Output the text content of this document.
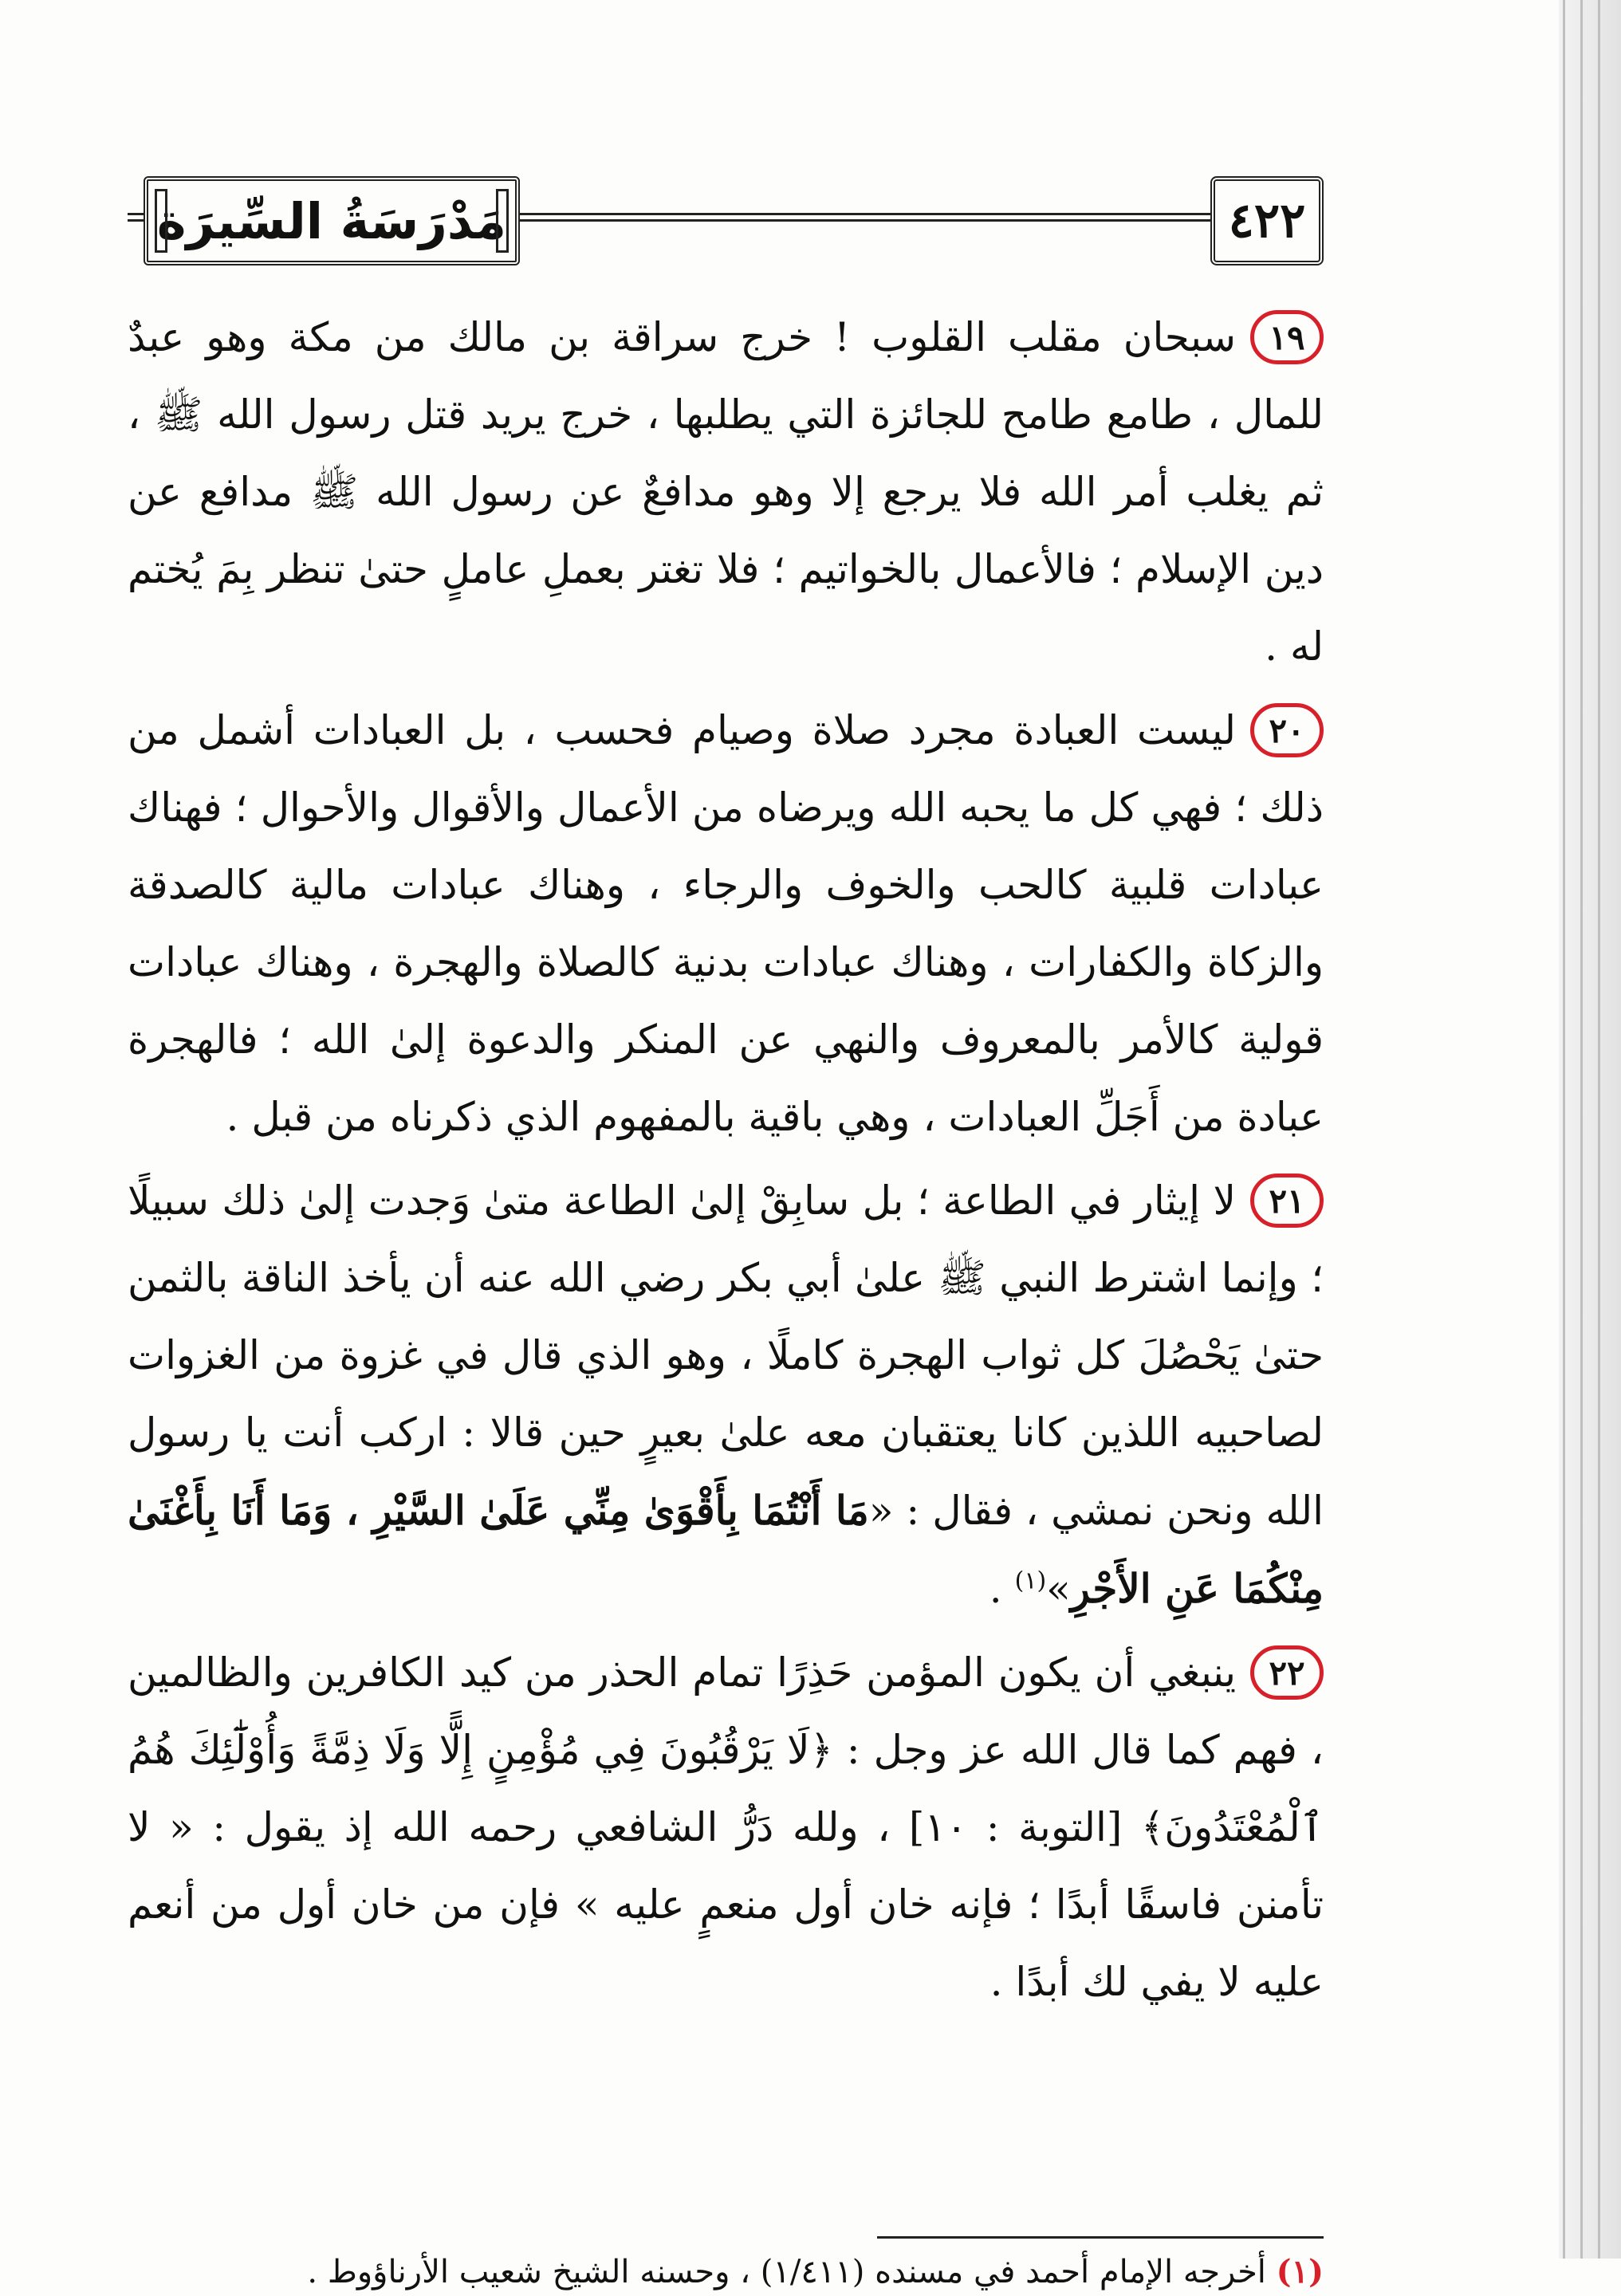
٤٢٢
مَدْرَسَةُ السِّيرَة

١٩سبحان مقلب القلوب ! خرج سراقة بن مالك من مكة وهو عبدٌ للمال ، طامع طامح للجائزة التي يطلبها ، خرج يريد قتل رسول الله ﷺ ، ثم يغلب أمر الله فلا يرجع إلا وهو مدافعٌ عن رسول الله ﷺ مدافع عن دين الإسلام ؛ فالأعمال بالخواتيم ؛ فلا تغتر بعملِ عاملٍ حتىٰ تنظر بِمَ يُختم له .

٢٠ليست العبادة مجرد صلاة وصيام فحسب ، بل العبادات أشمل من ذلك ؛ فهي كل ما يحبه الله ويرضاه من الأعمال والأقوال والأحوال ؛ فهناك عبادات قلبية كالحب والخوف والرجاء ، وهناك عبادات مالية كالصدقة والزكاة والكفارات ، وهناك عبادات بدنية كالصلاة والهجرة ، وهناك عبادات قولية كالأمر بالمعروف والنهي عن المنكر والدعوة إلىٰ الله ؛ فالهجرة عبادة من أَجَلِّ العبادات ، وهي باقية بالمفهوم الذي ذكرناه من قبل .

٢١لا إيثار في الطاعة ؛ بل سابِقْ إلىٰ الطاعة متىٰ وَجدت إلىٰ ذلك سبيلًا ؛ وإنما اشترط النبي ﷺ علىٰ أبي بكر رضي الله عنه أن يأخذ الناقة بالثمن حتىٰ يَحْصُلَ كل ثواب الهجرة كاملًا ، وهو الذي قال في غزوة من الغزوات لصاحبيه اللذين كانا يعتقبان معه علىٰ بعيرٍ حين قالا : اركب أنت يا رسول الله ونحن نمشي ، فقال : «مَا أَنْتُمَا بِأَقْوَىٰ مِنِّي عَلَىٰ السَّيْرِ ، وَمَا أَنَا بِأَغْنَىٰ مِنْكُمَا عَنِ الأَجْرِ»$^{(١)}$ .

٢٢ينبغي أن يكون المؤمن حَذِرًا تمام الحذر من كيد الكافرين والظالمين ، فهم كما قال الله عز وجل : ﴿لَا يَرْقُبُونَ فِي مُؤْمِنٍ إِلًّا وَلَا ذِمَّةً وَأُوْلَٰٓئِكَ هُمُ ٱلْمُعْتَدُونَ﴾ [التوبة : ١٠] ، ولله دَرُّ الشافعي رحمه الله إذ يقول : « لا تأمنن فاسقًا أبدًا ؛ فإنه خان أول منعمٍ عليه » فإن من خان أول من أنعم عليه لا يفي لك أبدًا .

(١) أخرجه الإمام أحمد في مسنده (١/٤١١) ، وحسنه الشيخ شعيب الأرناؤوط .
